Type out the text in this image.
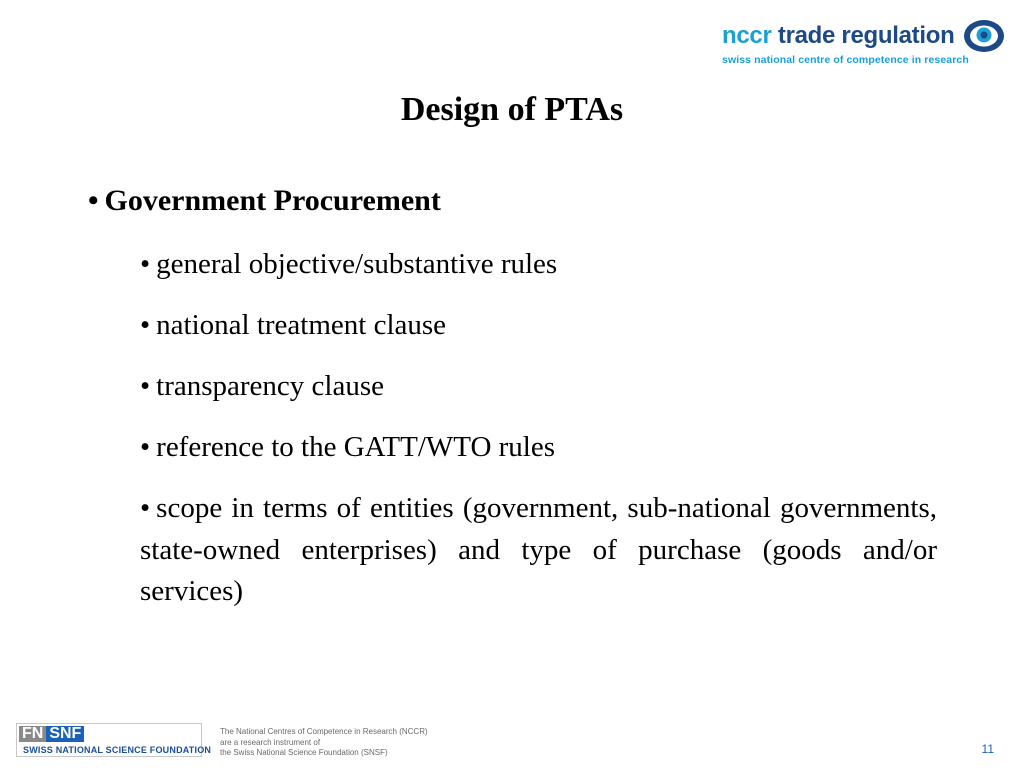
nccr trade regulation
swiss national centre of competence in research
Design of PTAs
• Government Procurement
• general objective/substantive rules
• national treatment clause
• transparency clause
• reference to the GATT/WTO rules
• scope in terms of entities (government, sub-national governments, state-owned enterprises) and type of purchase (goods and/or services)
FN SNF
SWISS NATIONAL SCIENCE FOUNDATION
The National Centres of Competence in Research (NCCR)
are a research instrument of
the Swiss National Science Foundation (SNSF)	11
